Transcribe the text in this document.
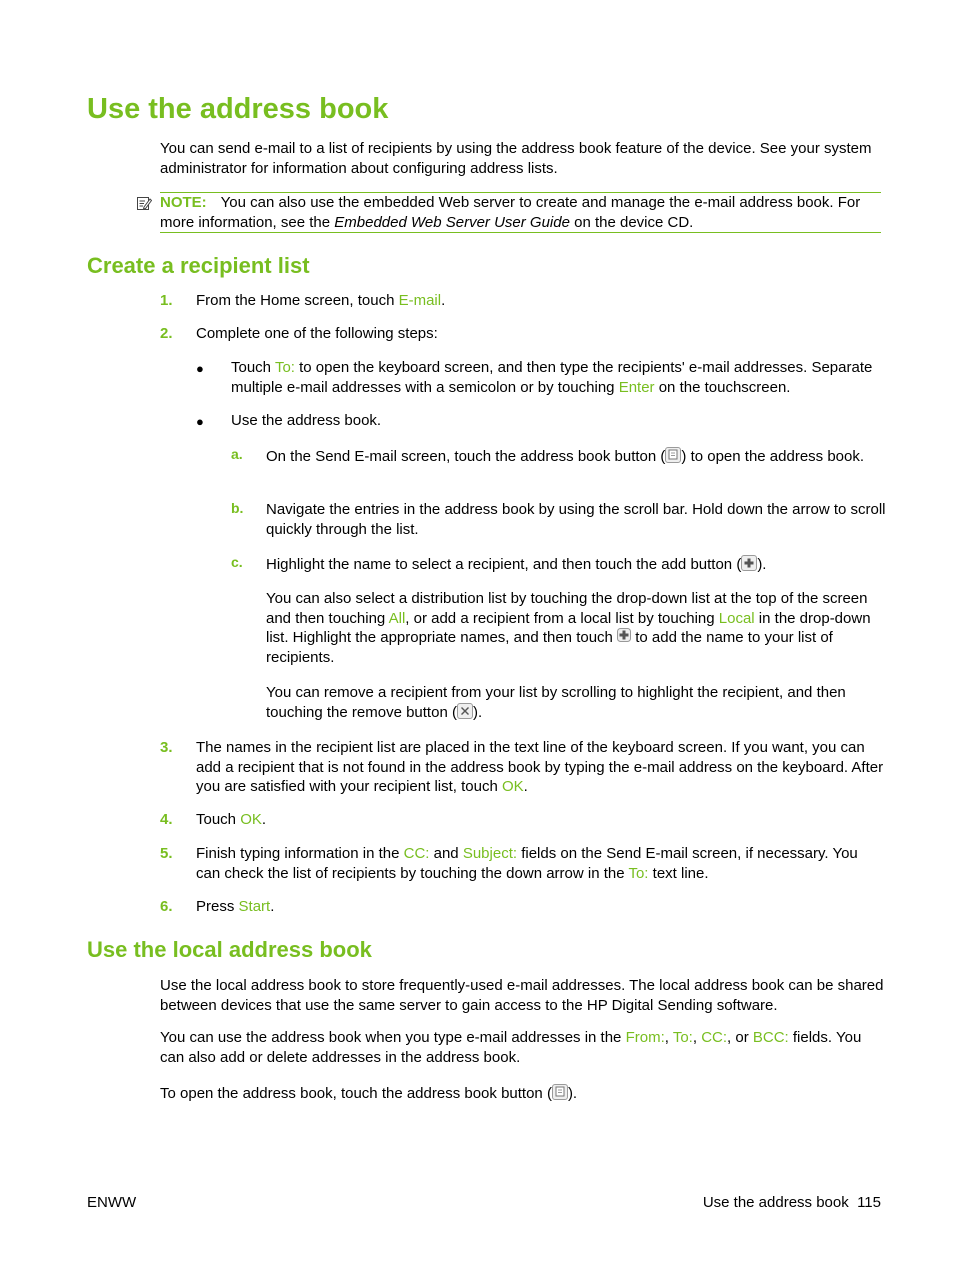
Use the address book

You can send e-mail to a list of recipients by using the address book feature of the device. See your system administrator for information about configuring address lists.

NOTE: You can also use the embedded Web server to create and manage the e-mail address book. For more information, see the Embedded Web Server User Guide on the device CD.
Create a recipient list
1. From the Home screen, touch E-mail.

2. Complete one of the following steps:

● Touch To: to open the keyboard screen, and then type the recipients' e-mail addresses. Separate multiple e-mail addresses with a semicolon or by touching Enter on the touchscreen.

● Use the address book.

a. On the Send E-mail screen, touch the address book button ( ) to open the address book.

b. Navigate the entries in the address book by using the scroll bar. Hold down the arrow to scroll quickly through the list.

c. Highlight the name to select a recipient, and then touch the add button ( ).

You can also select a distribution list by touching the drop-down list at the top of the screen and then touching All, or add a recipient from a local list by touching Local in the drop-down list. Highlight the appropriate names, and then touch
to add the name to your list of recipients.

You can remove a recipient from your list by scrolling to highlight the recipient, and then touching the remove button ( ).

3. The names in the recipient list are placed in the text line of the keyboard screen. If you want, you can add a recipient that is not found in the address book by typing the e-mail address on the keyboard. After you are satisfied with your recipient list, touch OK.

4. Touch OK.

5. Finish typing information in the CC: and Subject: fields on the Send E-mail screen, if necessary. You can check the list of recipients by touching the down arrow in the To: text line.

6. Press Start.

Use the local address book

Use the local address book to store frequently-used e-mail addresses. The local address book can be shared between devices that use the same server to gain access to the HP Digital Sending software.

You can use the address book when you type e-mail addresses in the From:, To:, CC:, or BCC: fields. You can also add or delete addresses in the address book.

To open the address book, touch the address book button ( ).

ENWW	Use the address book 115
